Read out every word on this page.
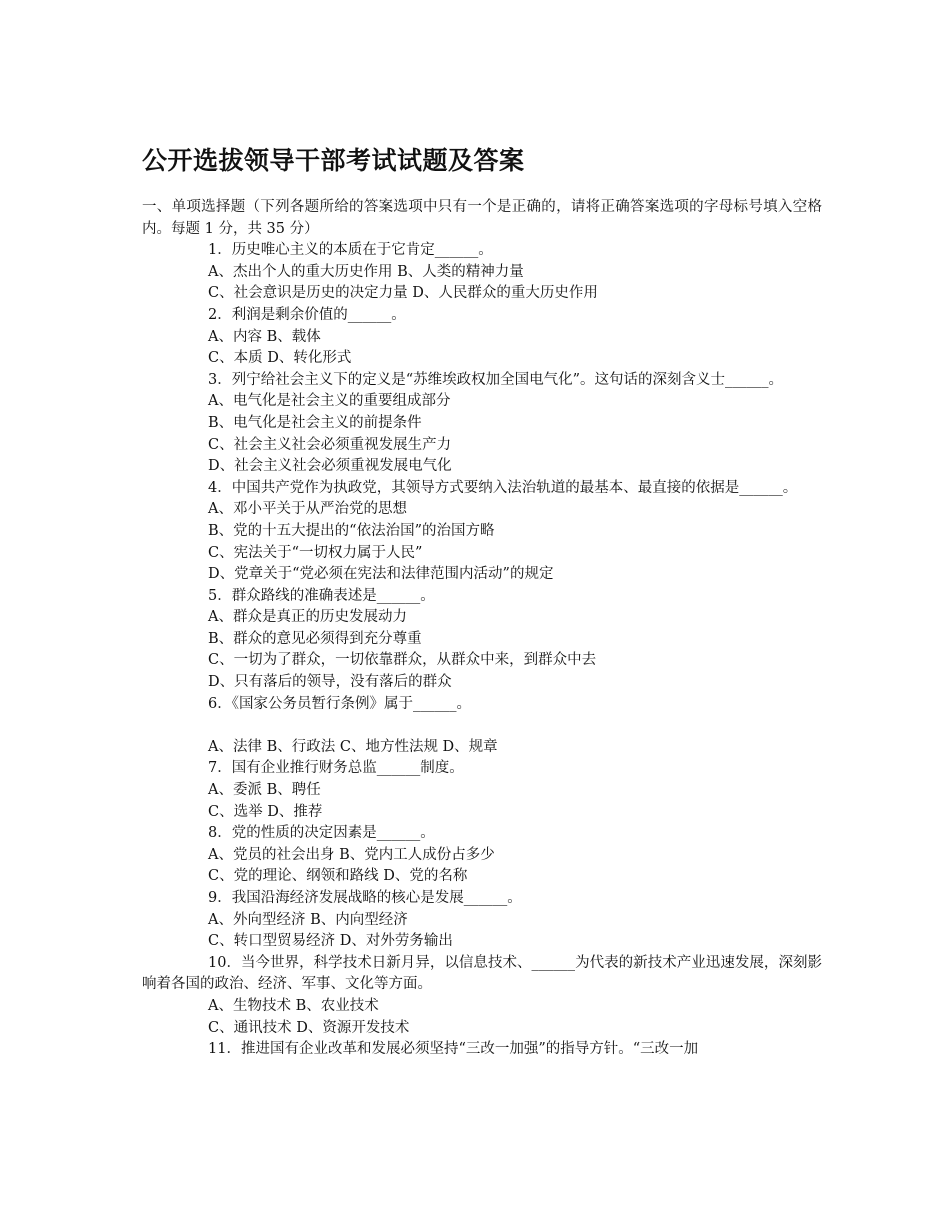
公开选拔领导干部考试试题及答案

一、单项选择题（下列各题所给的答案选项中只有一个是正确的，请将正确答案选项的字母标号填入空格内。每题 1 分，共 35 分）

1．历史唯心主义的本质在于它肯定______。

A、杰出个人的重大历史作用 B、人类的精神力量

C、社会意识是历史的决定力量 D、人民群众的重大历史作用

2．利润是剩余价值的______。

A、内容 B、载体

C、本质 D、转化形式

3．列宁给社会主义下的定义是“苏维埃政权加全国电气化”。这句话的深刻含义士______。

A、电气化是社会主义的重要组成部分

B、电气化是社会主义的前提条件

C、社会主义社会必须重视发展生产力

D、社会主义社会必须重视发展电气化

4．中国共产党作为执政党，其领导方式要纳入法治轨道的最基本、最直接的依据是______。

A、邓小平关于从严治党的思想

B、党的十五大提出的“依法治国”的治国方略

C、宪法关于“一切权力属于人民”

D、党章关于“党必须在宪法和法律范围内活动”的规定

5．群众路线的准确表述是______。

A、群众是真正的历史发展动力

B、群众的意见必须得到充分尊重

C、一切为了群众，一切依靠群众，从群众中来，到群众中去

D、只有落后的领导，没有落后的群众

6．《国家公务员暂行条例》属于______。

A、法律 B、行政法 C、地方性法规 D、规章

7．国有企业推行财务总监______制度。

A、委派 B、聘任

C、选举 D、推荐

8．党的性质的决定因素是______。

A、党员的社会出身 B、党内工人成份占多少

C、党的理论、纲领和路线 D、党的名称

9．我国沿海经济发展战略的核心是发展______。

A、外向型经济 B、内向型经济

C、转口型贸易经济 D、对外劳务输出

10．当今世界，科学技术日新月异，以信息技术、______为代表的新技术产业迅速发展，深刻影响着各国的政治、经济、军事、文化等方面。

A、生物技术 B、农业技术

C、通讯技术 D、资源开发技术

11．推进国有企业改革和发展必须坚持“三改一加强”的指导方针。“三改一加
